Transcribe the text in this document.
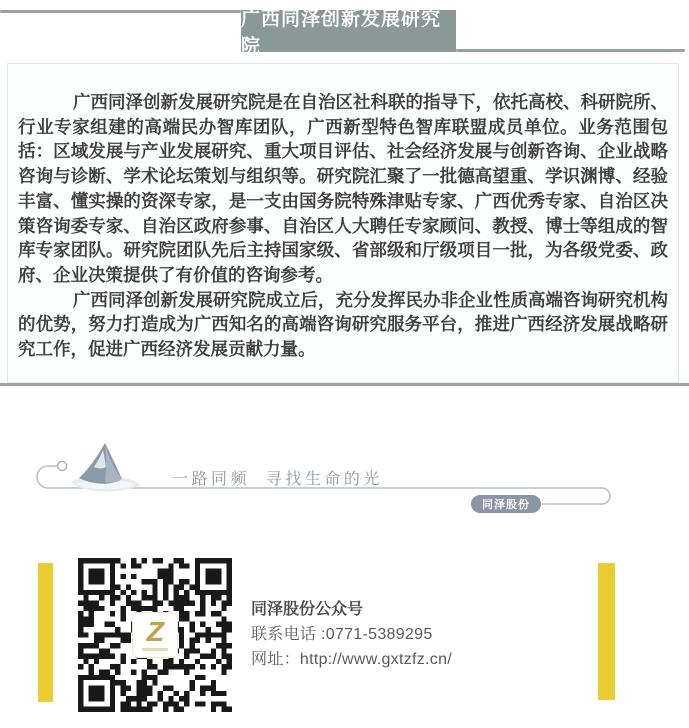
广西同泽创新发展研究院

广西同泽创新发展研究院是在自治区社科联的指导下，依托高校、科研院所、行业专家组建的高端民办智库团队，广西新型特色智库联盟成员单位。业务范围包括：区域发展与产业发展研究、重大项目评估、社会经济发展与创新咨询、企业战略咨询与诊断、学术论坛策划与组织等。研究院汇聚了一批德高望重、学识渊博、经验丰富、懂实操的资深专家，是一支由国务院特殊津贴专家、广西优秀专家、自治区决策咨询委专家、自治区政府参事、自治区人大聘任专家顾问、教授、博士等组成的智库专家团队。研究院团队先后主持国家级、省部级和厅级项目一批，为各级党委、政府、企业决策提供了有价值的咨询参考。

广西同泽创新发展研究院成立后，充分发挥民办非企业性质高端咨询研究机构的优势，努力打造成为广西知名的高端咨询研究服务平台，推进广西经济发展战略研究工作，促进广西经济发展贡献力量。

同泽股份
一路同频  寻找生命的光
Z
同泽股份公众号
联系电话 :0771-5389295
网址：http://www.gxtzfz.cn/
